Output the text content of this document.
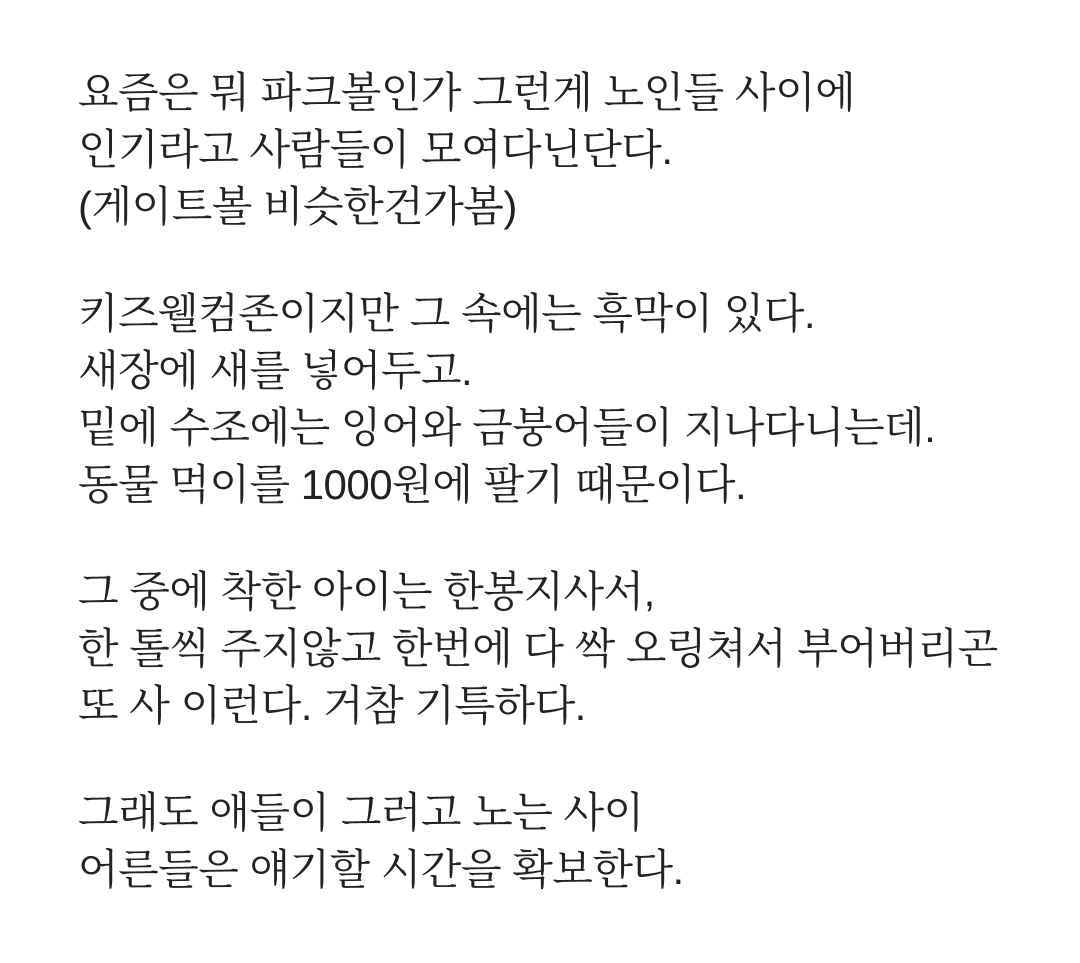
요즘은 뭐 파크볼인가 그런게 노인들 사이에
인기라고 사람들이 모여다닌단다.
(게이트볼 비슷한건가봄)
키즈웰컴존이지만 그 속에는 흑막이 있다.
새장에 새를 넣어두고.
밑에 수조에는 잉어와 금붕어들이 지나다니는데.
동물 먹이를 1000원에 팔기 때문이다.
그 중에 착한 아이는 한봉지사서,
한 톨씩 주지않고 한번에 다 싹 오링쳐서 부어버리곤
또 사 이런다. 거참 기특하다.
그래도 애들이 그러고 노는 사이
어른들은 얘기할 시간을 확보한다.
